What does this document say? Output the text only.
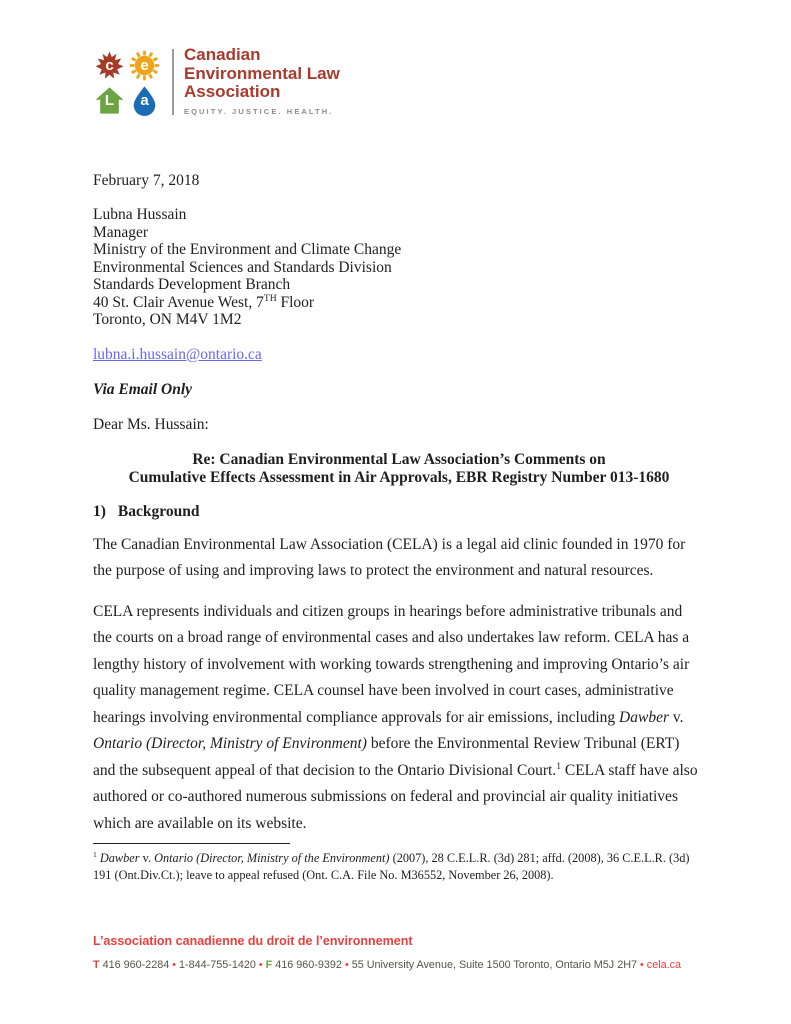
c	e
L	a
Canadian
Environmental Law
Association
EQUITY. JUSTICE. HEALTH.
February 7, 2018
Lubna Hussain
Manager
Ministry of the Environment and Climate Change
Environmental Sciences and Standards Division
Standards Development Branch
40 St. Clair Avenue West, 7TH Floor
Toronto, ON M4V 1M2
lubna.i.hussain@ontario.ca
Via Email Only
Dear Ms. Hussain:
Re: Canadian Environmental Law Association’s Comments on
Cumulative Effects Assessment in Air Approvals, EBR Registry Number 013-1680
1) Background
The Canadian Environmental Law Association (CELA) is a legal aid clinic founded in 1970 for the purpose of using and improving laws to protect the environment and natural resources.
CELA represents individuals and citizen groups in hearings before administrative tribunals and the courts on a broad range of environmental cases and also undertakes law reform. CELA has a lengthy history of involvement with working towards strengthening and improving Ontario’s air quality management regime. CELA counsel have been involved in court cases, administrative hearings involving environmental compliance approvals for air emissions, including Dawber v. Ontario (Director, Ministry of Environment) before the Environmental Review Tribunal (ERT) and the subsequent appeal of that decision to the Ontario Divisional Court.$^1$ CELA staff have also authored or co-authored numerous submissions on federal and provincial air quality initiatives which are available on its website.
$^1$ Dawber v. Ontario (Director, Ministry of the Environment) (2007), 28 C.E.L.R. (3d) 281; affd. (2008), 36 C.E.L.R. (3d) 191 (Ont.Div.Ct.); leave to appeal refused (Ont. C.A. File No. M36552, November 26, 2008).
L’association canadienne du droit de l’environnement
T 416 960-2284 • 1-844-755-1420 • F 416 960-9392 • 55 University Avenue, Suite 1500 Toronto, Ontario M5J 2H7 • cela.ca
